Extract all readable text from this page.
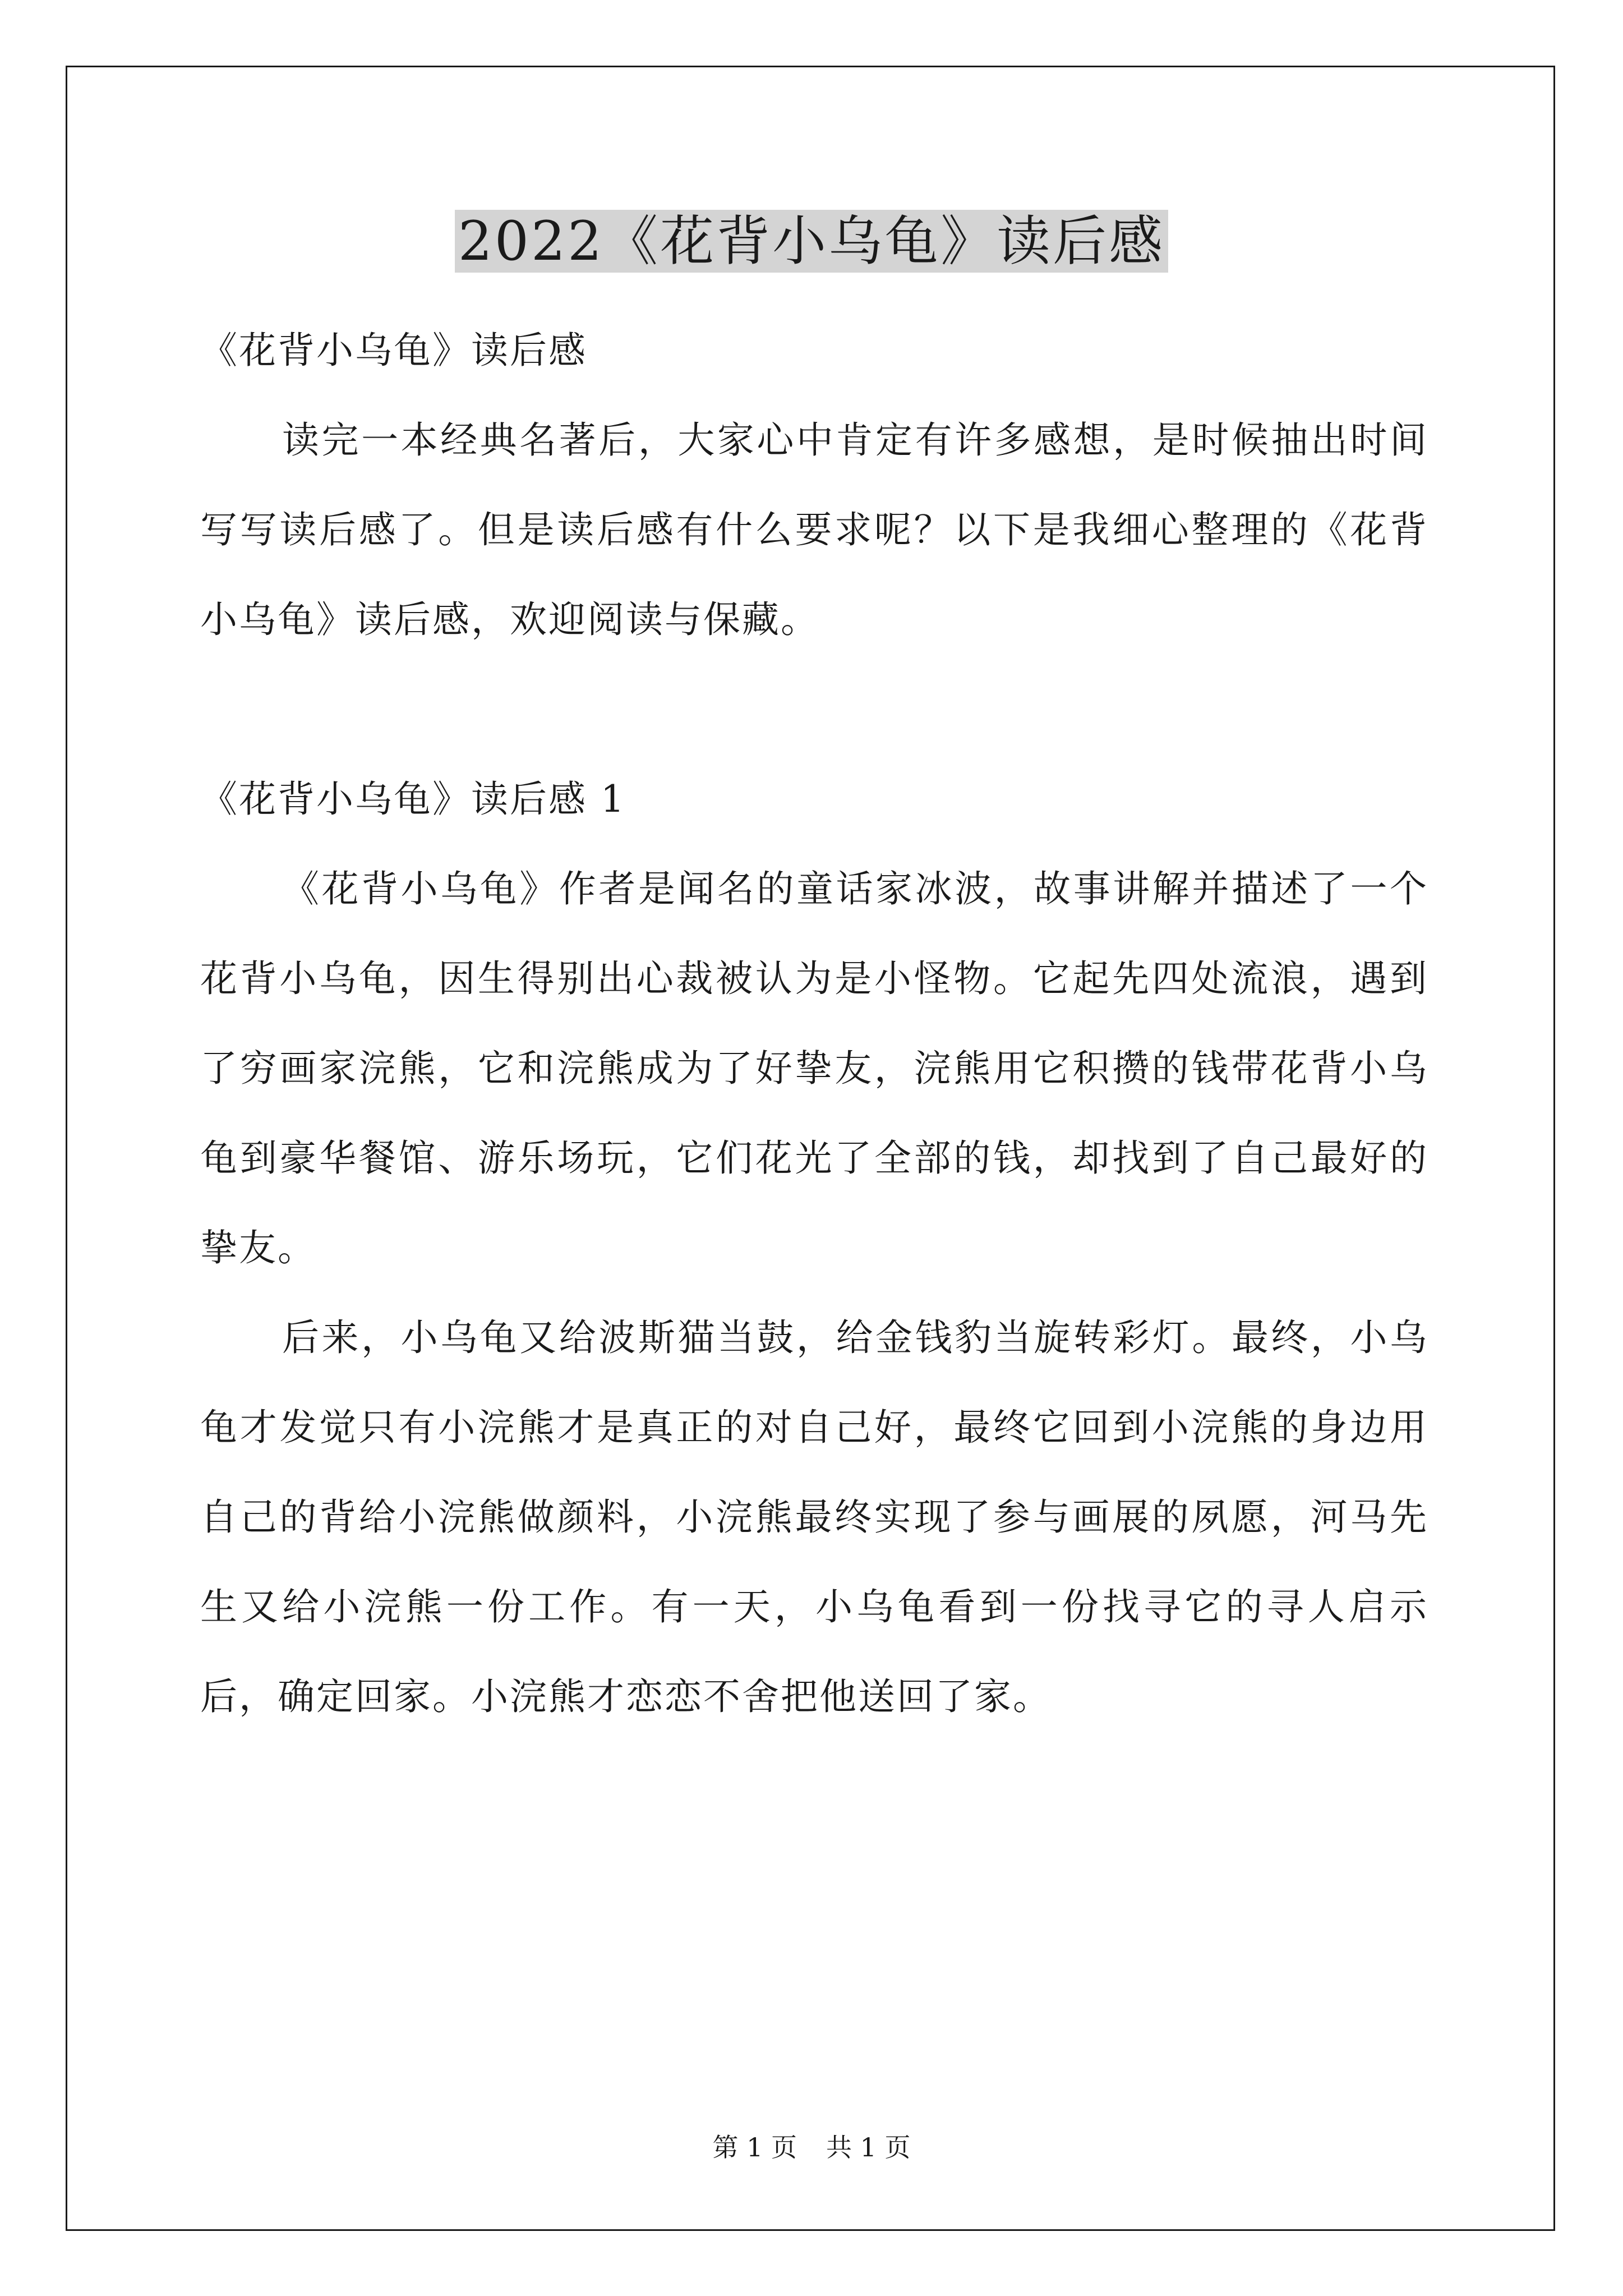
2022《花背小乌龟》读后感

《花背小乌龟》读后感

读完一本经典名著后，大家心中肯定有许多感想，是时候抽出时间写写读后感了。但是读后感有什么要求呢？以下是我细心整理的《花背小乌龟》读后感，欢迎阅读与保藏。

《花背小乌龟》读后感 1

《花背小乌龟》作者是闻名的童话家冰波，故事讲解并描述了一个花背小乌龟，因生得别出心裁被认为是小怪物。它起先四处流浪，遇到了穷画家浣熊，它和浣熊成为了好挚友，浣熊用它积攒的钱带花背小乌龟到豪华餐馆、游乐场玩，它们花光了全部的钱，却找到了自己最好的挚友。

后来，小乌龟又给波斯猫当鼓，给金钱豹当旋转彩灯。最终，小乌龟才发觉只有小浣熊才是真正的对自己好，最终它回到小浣熊的身边用自己的背给小浣熊做颜料，小浣熊最终实现了参与画展的夙愿，河马先生又给小浣熊一份工作。有一天，小乌龟看到一份找寻它的寻人启示后，确定回家。小浣熊才恋恋不舍把他送回了家。

第 1 页 共 1 页
